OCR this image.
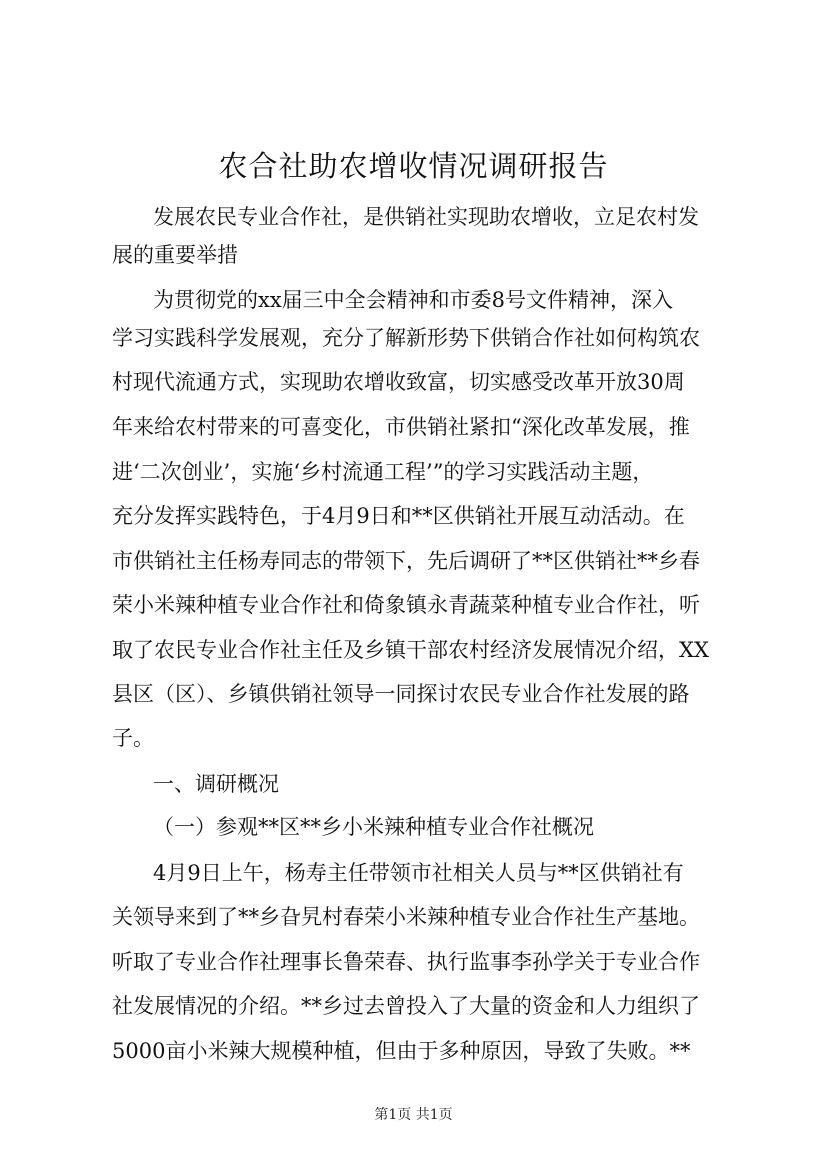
农合社助农增收情况调研报告

发展农民专业合作社，是供销社实现助农增收，立足农村发

展的重要举措

为贯彻党的xx届三中全会精神和市委8号文件精神，深入

学习实践科学发展观，充分了解新形势下供销合作社如何构筑农

村现代流通方式，实现助农增收致富，切实感受改革开放30周

年来给农村带来的可喜变化，市供销社紧扣“深化改革发展，推

进‘二次创业’，实施‘乡村流通工程’”的学习实践活动主题，

充分发挥实践特色，于4月9日和**区供销社开展互动活动。在

市供销社主任杨寿同志的带领下，先后调研了**区供销社**乡春

荣小米辣种植专业合作社和倚象镇永青蔬菜种植专业合作社，听

取了农民专业合作社主任及乡镇干部农村经济发展情况介绍，XX

县区（区）、乡镇供销社领导一同探讨农民专业合作社发展的路

子。

一、调研概况

（一）参观**区**乡小米辣种植专业合作社概况

4月9日上午，杨寿主任带领市社相关人员与**区供销社有

关领导来到了**乡旮旯村春荣小米辣种植专业合作社生产基地。

听取了专业合作社理事长鲁荣春、执行监事李孙学关于专业合作

社发展情况的介绍。**乡过去曾投入了大量的资金和人力组织了

5000亩小米辣大规模种植，但由于多种原因，导致了失败。**

第1页 共1页
